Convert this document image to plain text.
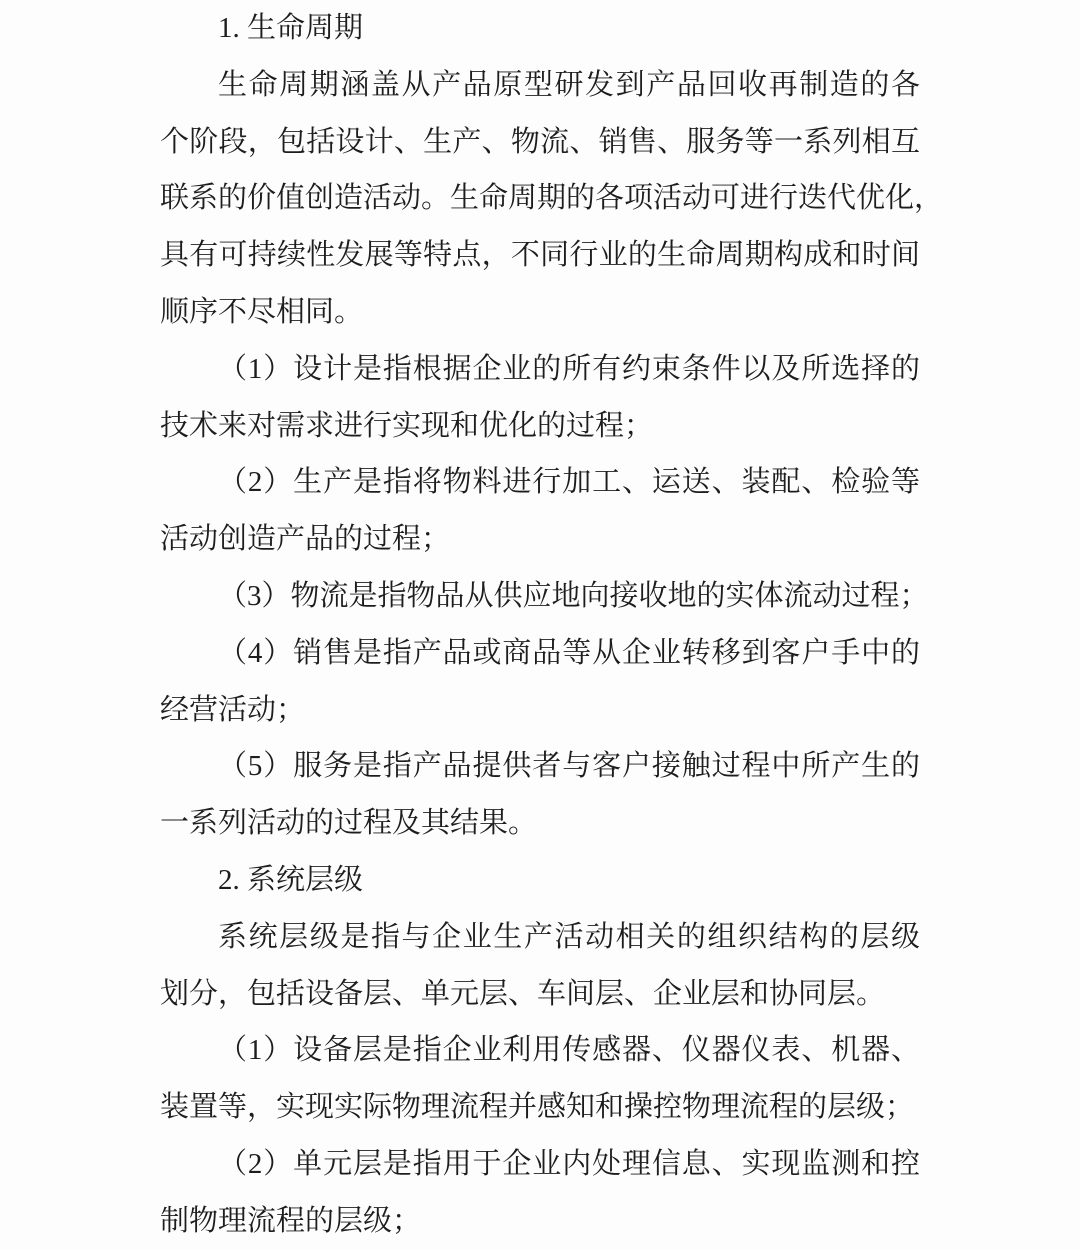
1. 生命周期
生命周期涵盖从产品原型研发到产品回收再制造的各
个阶段，包括设计、生产、物流、销售、服务等一系列相互
联系的价值创造活动。生命周期的各项活动可进行迭代优化，
具有可持续性发展等特点，不同行业的生命周期构成和时间
顺序不尽相同。
（1）设计是指根据企业的所有约束条件以及所选择的
技术来对需求进行实现和优化的过程；
（2）生产是指将物料进行加工、运送、装配、检验等
活动创造产品的过程；
（3）物流是指物品从供应地向接收地的实体流动过程；
（4）销售是指产品或商品等从企业转移到客户手中的
经营活动；
（5）服务是指产品提供者与客户接触过程中所产生的
一系列活动的过程及其结果。
2. 系统层级
系统层级是指与企业生产活动相关的组织结构的层级
划分，包括设备层、单元层、车间层、企业层和协同层。
（1）设备层是指企业利用传感器、仪器仪表、机器、
装置等，实现实际物理流程并感知和操控物理流程的层级；
（2）单元层是指用于企业内处理信息、实现监测和控
制物理流程的层级；
